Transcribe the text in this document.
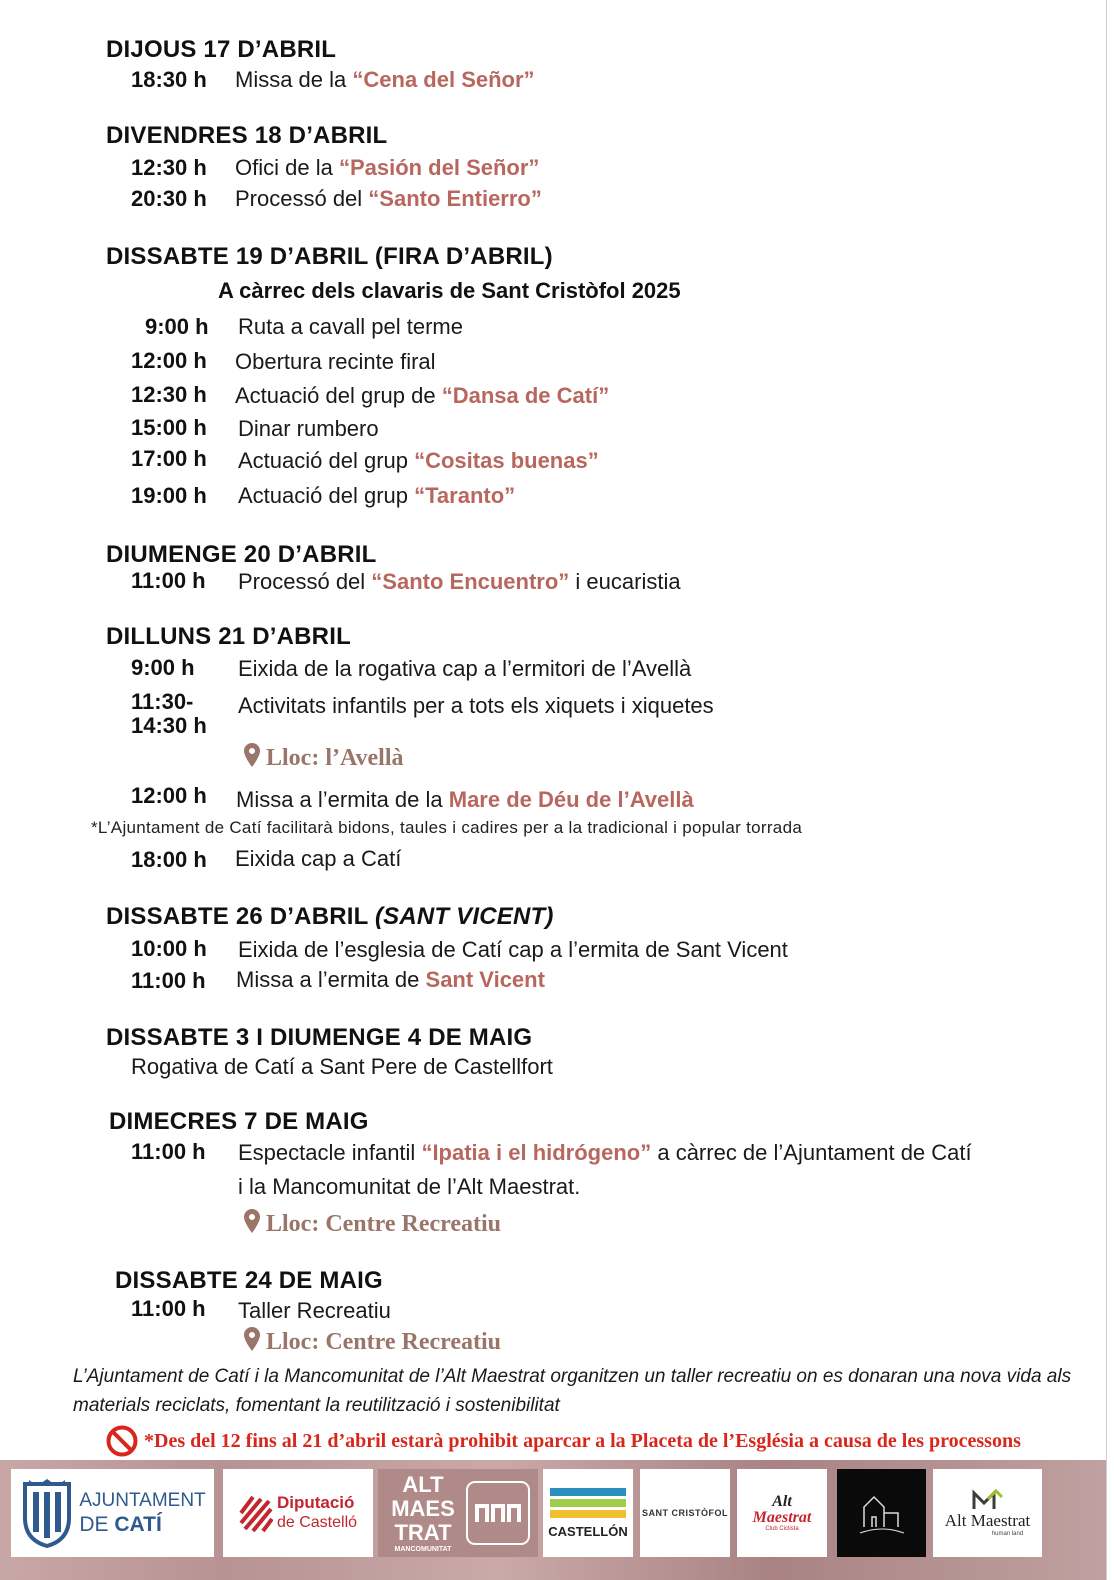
DIJOUS 17 D’ABRIL
18:30 h Missa de la “Cena del Señor”
DIVENDRES 18 D’ABRIL
12:30 h Ofici de la “Pasión del Señor”
20:30 h Processó del “Santo Entierro”
DISSABTE 19 D’ABRIL (FIRA D’ABRIL)
A càrrec dels clavaris de Sant Cristòfol 2025
9:00 h Ruta a cavall pel terme
12:00 h Obertura recinte firal
12:30 h Actuació del grup de “Dansa de Catí”
15:00 h Dinar rumbero
17:00 h Actuació del grup “Cositas buenas”
19:00 h Actuació del grup “Taranto”
DIUMENGE 20 D’ABRIL
11:00 h Processó del “Santo Encuentro” i eucaristia
DILLUNS 21 D’ABRIL
9:00 h Eixida de la rogativa cap a l’ermitori de l’Avellà
11:30-
14:30 h
Activitats infantils per a tots els xiquets i xiquetes
Lloc: l’Avellà
12:00 h Missa a l’ermita de la Mare de Déu de l’Avellà
*L’Ajuntament de Catí facilitarà bidons, taules i cadires per a la tradicional i popular torrada
18:00 h Eixida cap a Catí
DISSABTE 26 D’ABRIL (SANT VICENT)
10:00 h Eixida de l’esglesia de Catí cap a l’ermita de Sant Vicent
11:00 h Missa a l’ermita de Sant Vicent
DISSABTE 3 I DIUMENGE 4 DE MAIG
Rogativa de Catí a Sant Pere de Castellfort
DIMECRES 7 DE MAIG
11:00 h Espectacle infantil “Ipatia i el hidrógeno” a càrrec de l’Ajuntament de Catí
i la Mancomunitat de l’Alt Maestrat.
Lloc: Centre Recreatiu
DISSABTE 24 DE MAIG
11:00 h Taller Recreatiu
Lloc: Centre Recreatiu
L’Ajuntament de Catí i la Mancomunitat de l’Alt Maestrat organitzen un taller recreatiu on es donaran una nova vida als materials reciclats, fomentant la reutilització i sostenibilitat
*Des del 12 fins al 21 d’abril estarà prohibit aparcar a la Placeta de l’Església a causa de les processons
AJUNTAMENT
DE CATÍ
Diputació
de Castelló
ALT
MAES
TRAT
MANCOMUNITAT
CASTELLÓN
SANT CRISTÒFOL
Alt
Maestrat
Club Ciclista	Alt Maestrat
human land
